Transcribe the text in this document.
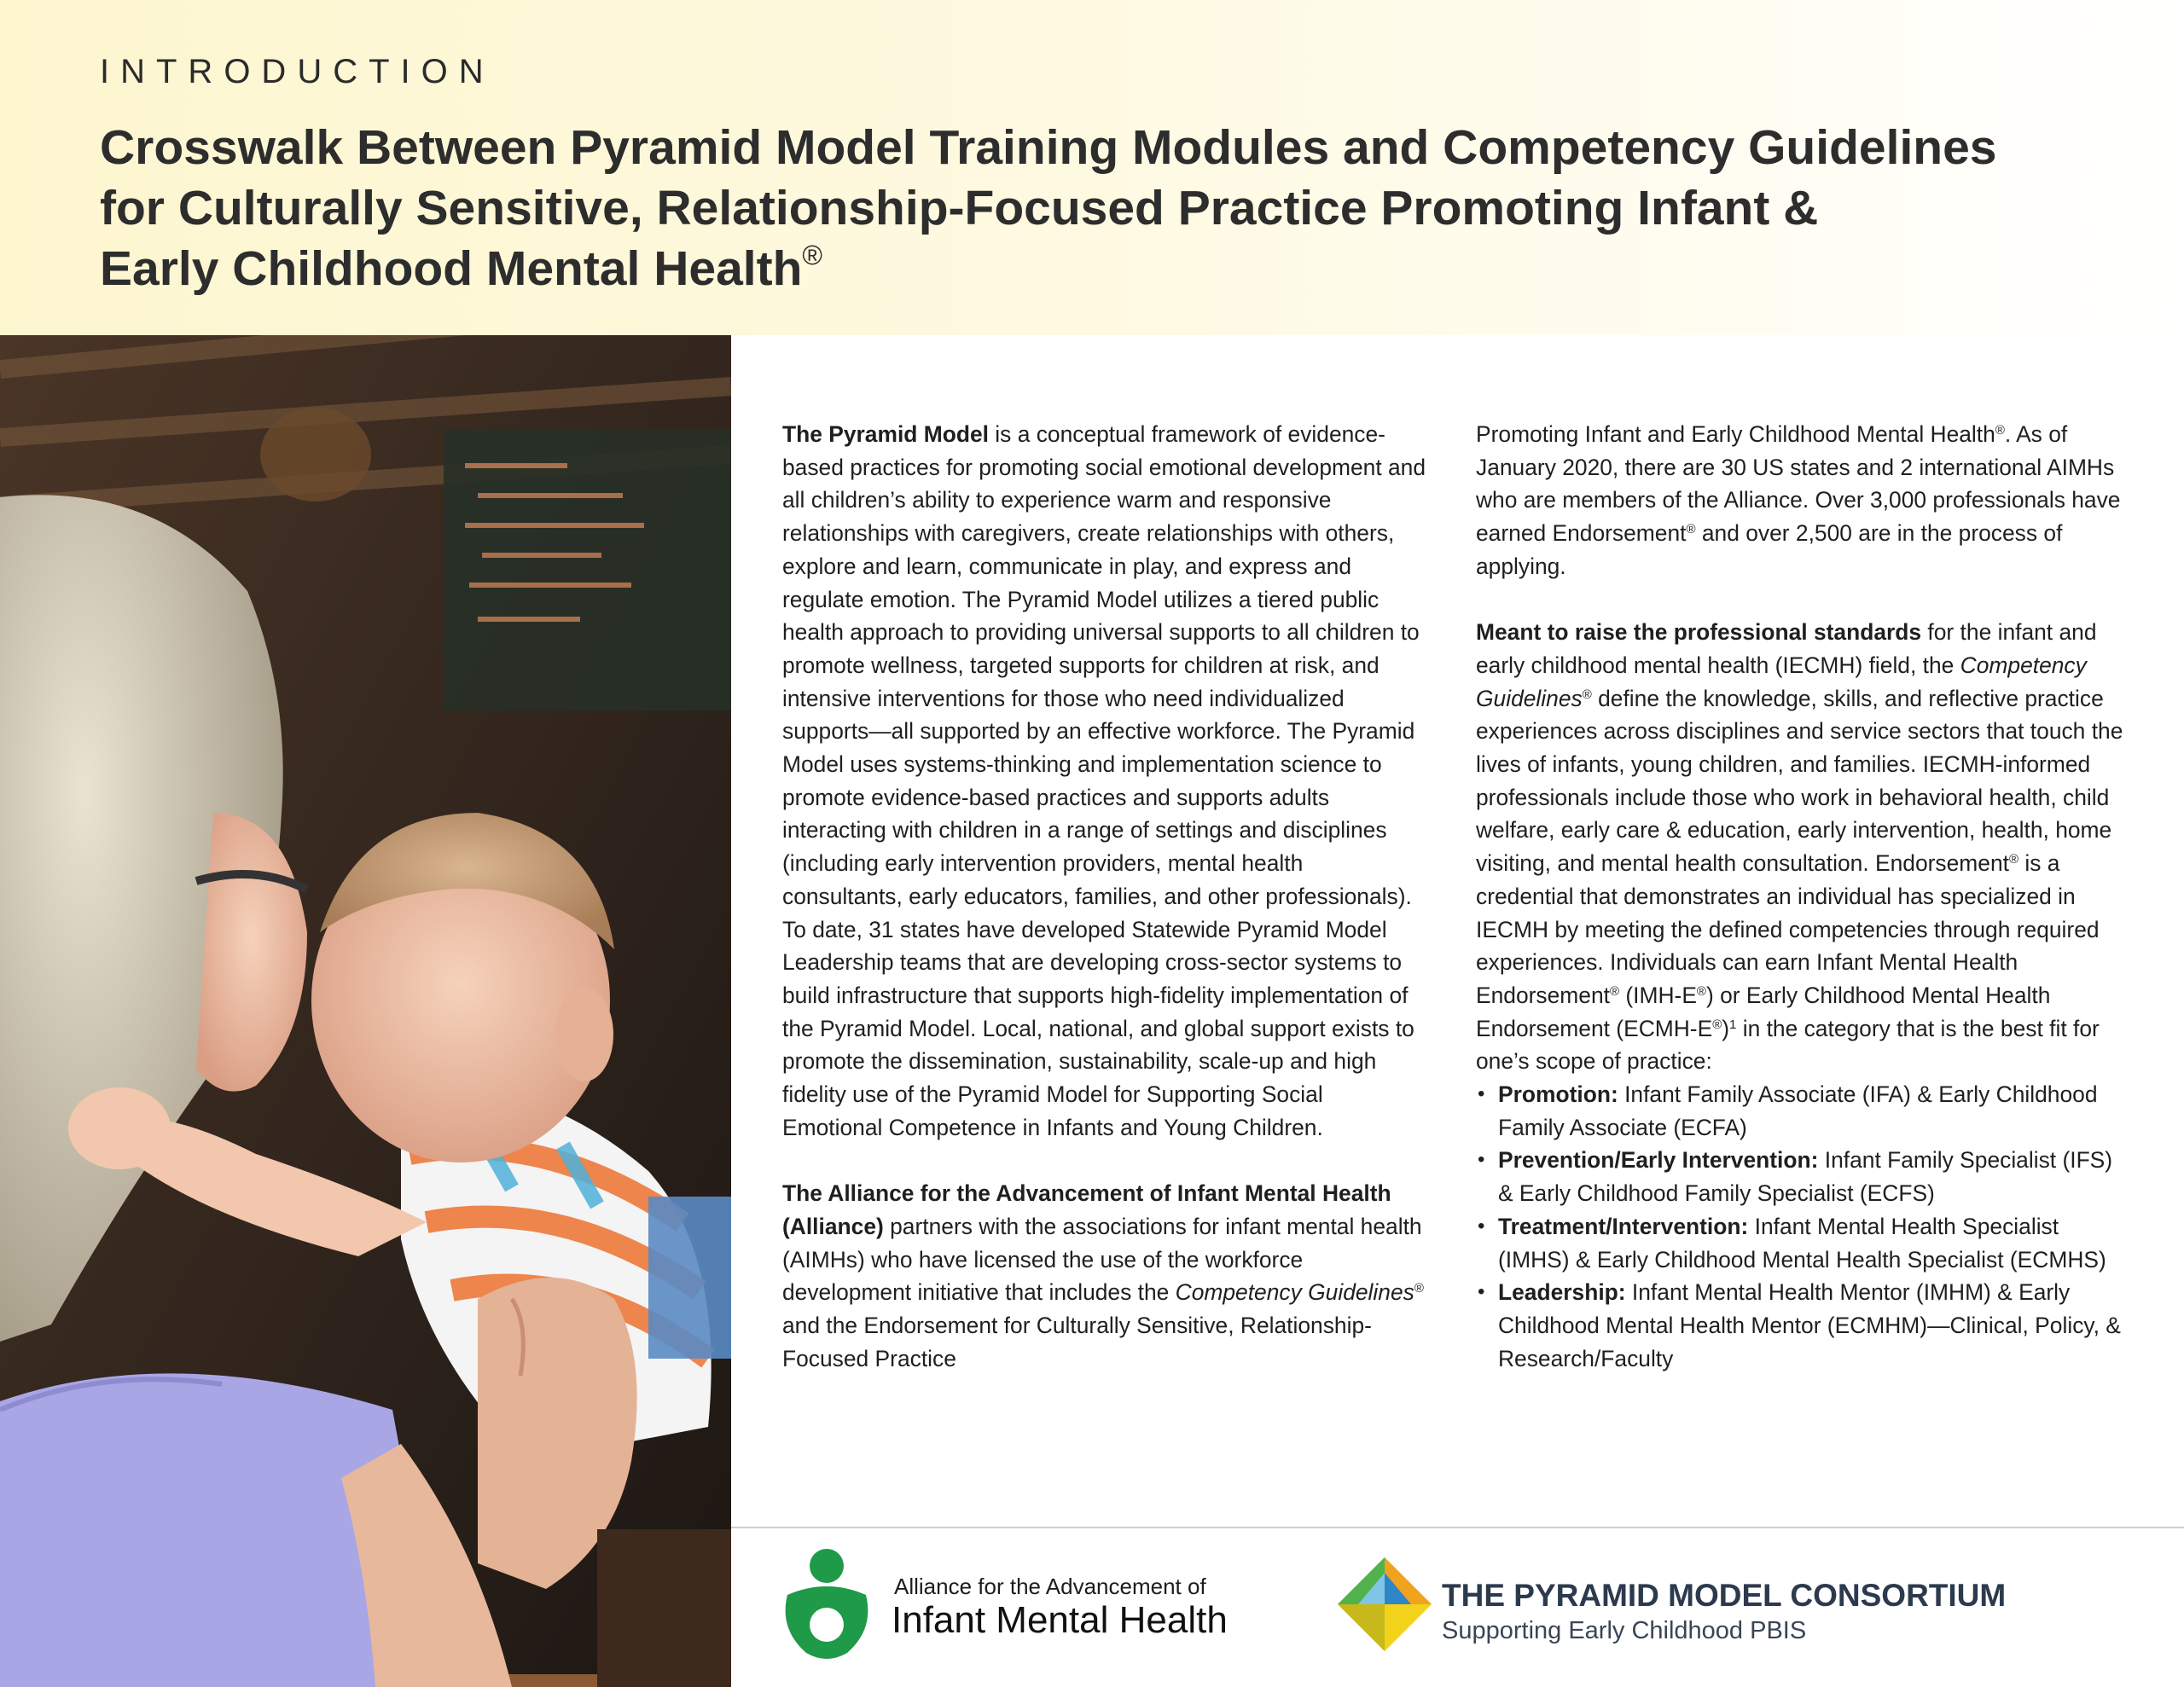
INTRODUCTION
Crosswalk Between Pyramid Model Training Modules and Competency Guidelines
for Culturally Sensitive, Relationship-Focused Practice Promoting Infant &
Early Childhood Mental Health®

The Pyramid Model is a conceptual framework of evidence-based practices for promoting social emotional development and all children’s ability to experience warm and responsive relationships with caregivers, create relationships with others, explore and learn, communicate in play, and express and regulate emotion. The Pyramid Model utilizes a tiered public health approach to providing universal supports to all children to promote wellness, targeted supports for children at risk, and intensive interventions for those who need individualized supports—all supported by an effective workforce. The Pyramid Model uses systems-thinking and implementation science to promote evidence-based practices and supports adults interacting with children in a range of settings and disciplines (including early intervention providers, mental health consultants, early educators, families, and other professionals). To date, 31 states have developed Statewide Pyramid Model Leadership teams that are developing cross-sector systems to build infrastructure that supports high-fidelity implementation of the Pyramid Model. Local, national, and global support exists to promote the dissemination, sustainability, scale-up and high fidelity use of the Pyramid Model for Supporting Social Emotional Competence in Infants and Young Children.

The Alliance for the Advancement of Infant Mental Health (Alliance) partners with the associations for infant mental health (AIMHs) who have licensed the use of the workforce development initiative that includes the Competency Guidelines® and the Endorsement for Culturally Sensitive, Relationship-Focused Practice

Promoting Infant and Early Childhood Mental Health®. As of January 2020, there are 30 US states and 2 international AIMHs who are members of the Alliance. Over 3,000 professionals have earned Endorsement® and over 2,500 are in the process of applying.

Meant to raise the professional standards for the infant and early childhood mental health (IECMH) field, the Competency Guidelines® define the knowledge, skills, and reflective practice experiences across disciplines and service sectors that touch the lives of infants, young children, and families. IECMH-informed professionals include those who work in behavioral health, child welfare, early care & education, early intervention, health, home visiting, and mental health consultation. Endorsement® is a credential that demonstrates an individual has specialized in IECMH by meeting the defined competencies through required experiences. Individuals can earn Infant Mental Health Endorsement® (IMH-E®) or Early Childhood Mental Health Endorsement (ECMH-E®)$^1$ in the category that is the best fit for one’s scope of practice:

• Promotion: Infant Family Associate (IFA) & Early Childhood Family Associate (ECFA)
• Prevention/Early Intervention: Infant Family Specialist (IFS) & Early Childhood Family Specialist (ECFS)
• Treatment/Intervention: Infant Mental Health Specialist (IMHS) & Early Childhood Mental Health Specialist (ECMHS)
• Leadership: Infant Mental Health Mentor (IMHM) & Early Childhood Mental Health Mentor (ECMHM)—Clinical, Policy, & Research/Faculty
Alliance for the Advancement of
Infant Mental Health
THE PYRAMID MODEL CONSORTIUM
Supporting Early Childhood PBIS
